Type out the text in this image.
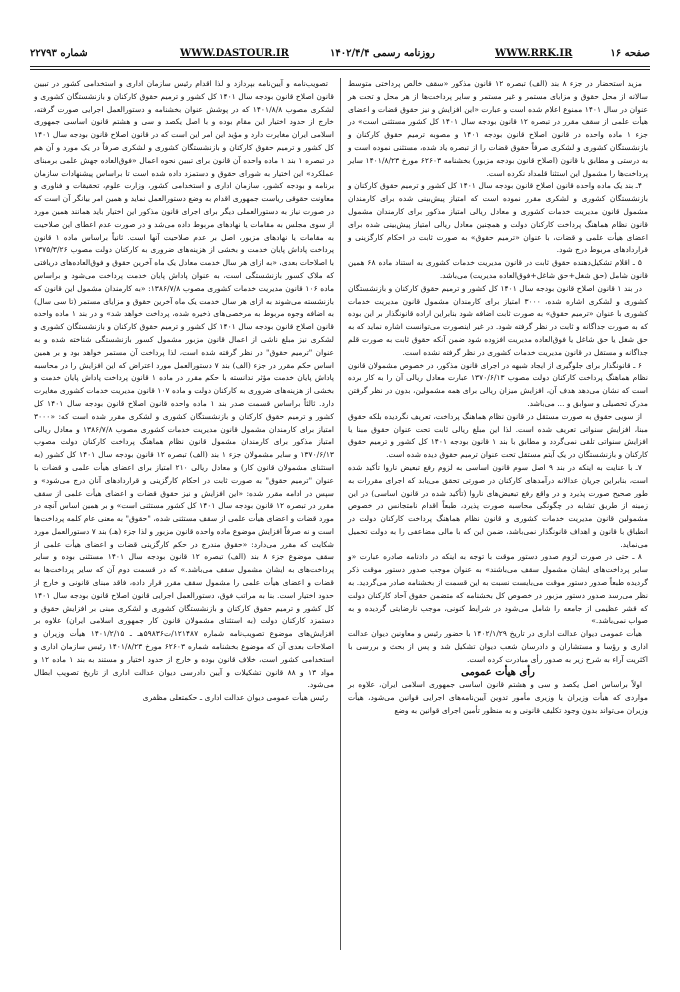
شماره ۲۲۷۹۳	WWW.DASTOUR.IR	روزنامه رسمی ۱۴۰۲/۴/۴	WWW.RRK.IR	صفحه ۱۶

مزید استحضار در جزء ۸ بند (الف) تبصره ۱۲ قانون مذکور «سقف خالص پرداختی متوسط سالانه از محل حقوق و مزایای مستمر و غیر مستمر و سایر پرداخت‌ها از هر محل و تحت هر عنوان در سال ۱۴۰۱ ممنوع اعلام شده است و عبارت «این افزایش و نیز حقوق قضات و اعضای هیأت علمی از سقف مقرر در تبصره ۱۲ قانون بودجه سال ۱۴۰۱ کل کشور مستثنی است» در جزء ۱ ماده واحده در قانون اصلاح قانون بودجه ۱۴۰۱ و مصوبه ترمیم حقوق کارکنان و بازنشستگان کشوری و لشکری صرفاً حقوق قضات را از تبصره یاد شده، مستثنی نموده است و به درستی و مطابق با قانون (اصلاح قانون بودجه مزبور) بخشنامه ۶۲۶۰۳ مورخ ۱۴۰۱/۸/۲۳ سایر پرداخت‌ها را مشمول این استثنا قلمداد نکرده است.

۴ـ بند یک ماده واحده قانون اصلاح قانون بودجه سال ۱۴۰۱ کل کشور و ترمیم حقوق کارکنان و بازنشستگان کشوری و لشکری مقرر نموده است که امتیاز پیش‌بینی شده برای کارمندان مشمول قانون مدیریت خدمات کشوری و معادل ریالی امتیاز مذکور برای کارمندان مشمول قانون نظام هماهنگ پرداخت کارکنان دولت و همچنین معادل ریالی امتیاز پیش‌بینی شده برای اعضای هیأت علمی و قضات، با عنوان «ترمیم حقوق» به صورت ثابت در احکام کارگزینی و قراردادهای مربوط درج شود.

۵ ـ اقلام تشکیل‌دهنده حقوق ثابت در قانون مدیریت خدمات کشوری به استناد ماده ۶۸ همین قانون شامل (حق شغل+حق شاغل+فوق‌العاده مدیریت) می‌باشد.

در بند ۱ قانون اصلاح قانون بودجه سال ۱۴۰۱ کل کشور و ترمیم حقوق کارکنان و بازنشستگان کشوری و لشکری اشاره شده، ۳۰۰۰ امتیاز برای کارمندان مشمول قانون مدیریت خدمات کشوری با عنوان «ترمیم حقوق» به صورت ثابت اضافه شود بنابراین اراده قانونگذار بر این بوده که به صورت جداگانه و ثابت در نظر گرفته شود. در غیر اینصورت می‌توانست اشاره نماید که به حق شغل یا حق شاغل یا فوق‌العاده مدیریت افزوده شود ضمن آنکه حقوق ثابت به صورت قلم جداگانه و مستقل در قانون مدیریت خدمات کشوری در نظر گرفته نشده است.

۶ ـ قانونگذار برای جلوگیری از ایجاد شبهه در اجرای قانون مذکور، در خصوص مشمولان قانون نظام هماهنگ پرداخت کارکنان دولت مصوب ۱۳۷۰/۶/۱۳ عبارت معادل ریالی آن را به کار برده است که نشان می‌دهد هدف آن، افزایش میزان ریالی برای همه مشمولین، بدون در نظر گرفتن مدرک تحصیلی و سوابق و ... می‌باشد.

از سویی حقوق به صورت مستقل در قانون نظام هماهنگ پرداخت، تعریف نگردیده بلکه حقوق مبنا، افزایش سنواتی تعریف شده است. لذا این مبلغ ریالی ثابت تحت عنوان حقوق مبنا یا افزایش سنواتی تلقی نمی‌گردد و مطابق با بند ۱ قانون بودجه ۱۴۰۱ کل کشور و ترمیم حقوق کارکنان و بازنشستگان در یک آیتم مستقل تحت عنوان ترمیم حقوق دیده شده است.

۷ـ با عنایت به اینکه در بند ۹ اصل سوم قانون اساسی به لزوم رفع تبعیض ناروا تأکید شده است، بنابراین جریان عدالانه درآمدهای کارکنان در صورتی تحقق می‌یابد که اجرای مقررات به طور صحیح صورت پذیرد و در واقع رفع تبعیض‌های ناروا (تأکید شده در قانون اساسی) در این زمینه از طریق تشابه در چگونگی محاسبه صورت پذیرد، طبعاً اقدام نامتجانس در خصوص مشمولین قانون مدیریت خدمات کشوری و قانون نظام هماهنگ پرداخت کارکنان دولت در انطباق با قانون و اهداف قانونگذار نمی‌باشد، ضمن این که با مالی مضاعفی را به دولت تحمیل می‌نماید.

۸ ـ حتی در صورت لزوم صدور دستور موقت با توجه به اینکه در دادنامه صادره عبارت «و سایر پرداخت‌های ایشان مشمول سقف می‌باشند» به عنوان موجب صدور دستور موقت ذکر گردیده طبعاً صدور دستور موقت می‌بایست نسبت به این قسمت از بخشنامه صادر می‌گردید. به نظر می‌رسد صدور دستور مزبور در خصوص کل بخشنامه که متضمن حقوق آحاد کارکنان دولت که قشر عظیمی از جامعه را شامل می‌شود در شرایط کنونی، موجب نارضایتی گردیده و به صواب نمی‌باشد.»

هیأت عمومی دیوان عدالت اداری در تاریخ ۱۴۰۲/۱/۲۹ با حضور رئیس و معاونین دیوان عدالت اداری و رؤسا و مستشاران و دادرسان شعب دیوان تشکیل شد و پس از بحث و بررسی با اکثریت آراء به شرح زیر به صدور رأی مبادرت کرده است.

رأی هیأت عمومی

اولاً براساس اصل یکصد و سی و هشتم قانون اساسی جمهوری اسلامی ایران، علاوه بر مواردی که هیأت وزیران یا وزیری مأمور تدوین آیین‌نامه‌های اجرایی قوانین می‌شود، هیأت وزیران می‌تواند بدون وجود تکلیف قانونی و به منظور تأمین اجرای قوانین به وضع

تصویب‌نامه و آیین‌نامه بپردازد و لذا اقدام رئیس سازمان اداری و استخدامی کشور در تبیین قانون اصلاح قانون بودجه سال ۱۴۰۱ کل کشور و ترمیم حقوق کارکنان و بازنشستگان کشوری و لشکری مصوب ۱۴۰۱/۸/۸ که در پوشش عنوان بخشنامه و دستورالعمل اجرایی صورت گرفته، خارج از حدود اختیار این مقام بوده و با اصل یکصد و سی و هشتم قانون اساسی جمهوری اسلامی ایران مغایرت دارد و مؤید این امر این است که در قانون اصلاح قانون بودجه سال ۱۴۰۱ کل کشور و ترمیم حقوق کارکنان و بازنشستگان کشوری و لشکری صرفاً در یک مورد و آن هم در تبصره ۱ بند ۱ ماده واحده آن قانون برای تبیین نحوه اعمال «فوق‌العاده جهش علمی برمبنای عملکرد» این اختیار به شورای حقوق و دستمزد داده شده است تا براساس پیشنهادات سازمان برنامه و بودجه کشور، سازمان اداری و استخدامی کشور، وزارت علوم، تحقیقات و فناوری و معاونت حقوقی ریاست جمهوری اقدام به وضع دستورالعمل نماید و همین امر بیانگر آن است که در صورت نیاز به دستورالعملی دیگر برای اجرای قانون مذکور این اختیار باید همانند همین مورد از سوی مجلس به مقامات یا نهادهای مربوط داده می‌شد و در صورت عدم اعطای این صلاحیت به مقامات یا نهادهای مزبور، اصل بر عدم صلاحیت آنها است. ثانیاً براساس ماده ۱ قانون پرداخت پاداش پایان خدمت و بخشی از هزینه‌های ضروری به کارکنان دولت مصوب ۱۳۷۵/۳/۲۶ با اصلاحات بعدی، «به ازای هر سال خدمت معادل یک ماه آخرین حقوق و فوق‌العاده‌های دریافتی که ملاک کسور بازنشستگی است، به عنوان پاداش پایان خدمت پرداخت می‌شود و براساس ماده ۱۰۶ قانون مدیریت خدمات کشوری مصوب ۱۳۸۶/۷/۸: «به کارمندان مشمول این قانون که بازنشسته می‌شوند به ازای هر سال خدمت یک ماه آخرین حقوق و مزایای مستمر (تا سی سال) به اضافه وجوه مربوط به مرخصی‌های ذخیره شده، پرداخت خواهد شد» و در بند ۱ ماده واحده قانون اصلاح قانون بودجه سال ۱۴۰۱ کل کشور و ترمیم حقوق کارکنان و بازنشستگان کشوری و لشکری نیز مبلغ ناشی از اعمال قانون مزبور مشمول کسور بازنشستگی شناخته شده و به عنوان "ترمیم حقوق" در نظر گرفته شده است، لذا پرداخت آن مستمر خواهد بود و بر همین اساس حکم مقرر در جزء (الف) بند ۷ دستورالعمل مورد اعتراض که این افزایش را در محاسبه پاداش پایان خدمت مؤثر ندانسته با حکم مقرر در ماده ۱ قانون پرداخت پاداش پایان خدمت و بخشی از هزینه‌های ضروری به کارکنان دولت و ماده ۱۰۷ قانون مدیریت خدمات کشوری مغایرت دارد. ثالثاً براساس قسمت صدر بند ۱ ماده واحده قانون اصلاح قانون بودجه سال ۱۴۰۱ کل کشور و ترمیم حقوق کارکنان و بازنشستگان کشوری و لشکری مقرر شده است که: «۳۰۰۰ امتیاز برای کارمندان مشمول قانون مدیریت خدمات کشوری مصوب ۱۳۸۶/۷/۸ و معادل ریالی امتیاز مذکور برای کارمندان مشمول قانون نظام هماهنگ پرداخت کارکنان دولت مصوب ۱۳۷۰/۶/۱۳ و سایر مشمولان جزء ۱ بند (الف) تبصره ۱۲ قانون بودجه سال ۱۴۰۱ کل کشور (به استثنای مشمولان قانون کار) و معادل ریالی ۲۱۰ امتیاز برای اعضای هیأت علمی و قضات با عنوان "ترمیم حقوق" به صورت ثابت در احکام کارگزینی و قراردادهای آنان درج می‌شود» و سپس در ادامه مقرر شده: «این افزایش و نیز حقوق قضات و اعضای هیأت علمی از سقف مقرر در تبصره ۱۲ قانون بودجه سال ۱۴۰۱ کل کشور مستثنی است» و بر همین اساس آنچه در مورد قضات و اعضای هیأت علمی از سقف مستثنی شده، "حقوق" به معنی عام کلمه پرداخت‌ها است و نه صرفاً افزایش موضوع ماده واحده قانون مزبور و لذا جزء (هـ) بند ۷ دستورالعمل مورد شکایت که مقرر می‌دارد: «حقوق مندرج در حکم کارگزینی قضات و اعضای هیأت علمی از سقف موضوع جزء ۸ بند (الف) تبصره ۱۲ قانون بودجه سال ۱۴۰۱ مستثنی بوده و سایر پرداخت‌های به ایشان مشمول سقف می‌باشد.» که در قسمت دوم آن که سایر پرداخت‌ها به قضات و اعضای هیأت علمی را مشمول سقف مقرر قرار داده، فاقد مبنای قانونی و خارج از حدود اختیار است. بنا به مراتب فوق، دستورالعمل اجرایی قانون اصلاح قانون بودجه سال ۱۴۰۱ کل کشور و ترمیم حقوق کارکنان و بازنشستگان کشوری و لشکری مبنی بر افزایش حقوق و دستمزد کارکنان دولت (به استثنای مشمولان قانون کار جمهوری اسلامی ایران) علاوه بر افزایش‌های موضوع تصویب‌نامه شماره ۱۲۱۴۸۷/ت۵۹۸۳۶هـ ـ ۱۴۰۱/۲/۱۵ هیأت وزیران و اصلاحات بعدی آن که موضوع بخشنامه شماره ۶۲۶۰۳ مورخ ۱۴۰۱/۸/۲۳ رئیس سازمان اداری و استخدامی کشور است، خلاف قانون بوده و خارج از حدود اختیار و مستند به بند ۱ ماده ۱۲ و مواد ۱۳ و ۸۸ قانون تشکیلات و آیین دادرسی دیوان عدالت اداری از تاریخ تصویب ابطال می‌شود.

رئیس هیأت عمومی دیوان عدالت اداری ـ حکمتعلی مظفری
